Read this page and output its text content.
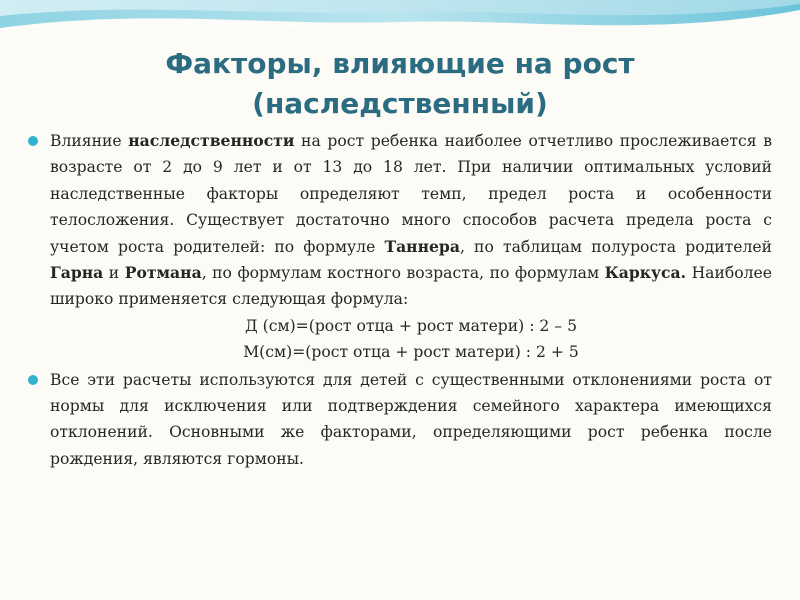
Факторы, влияющие на рост
(наследственный)

Влияние наследственности на рост ребенка наиболее отчетливо прослеживается в возрасте от 2 до 9 лет и от 13 до 18 лет. При наличии оптимальных условий наследственные факторы определяют темп, предел роста и особенности телосложения. Существует достаточно много способов расчета предела роста с учетом роста родителей: по формуле Таннера, по таблицам полуроста родителей Гарна и Ротмана, по формулам костного возраста, по формулам Каркуса. Наиболее широко применяется следующая формула:

Д (см)=(рост отца + рост матери) : 2 – 5

М(см)=(рост отца + рост матери) : 2 + 5

Все эти расчеты используются для детей с существенными отклонениями роста от нормы для исключения или подтверждения семейного характера имеющихся отклонений. Основными же факторами, определяющими рост ребенка после рождения, являются гормоны.
